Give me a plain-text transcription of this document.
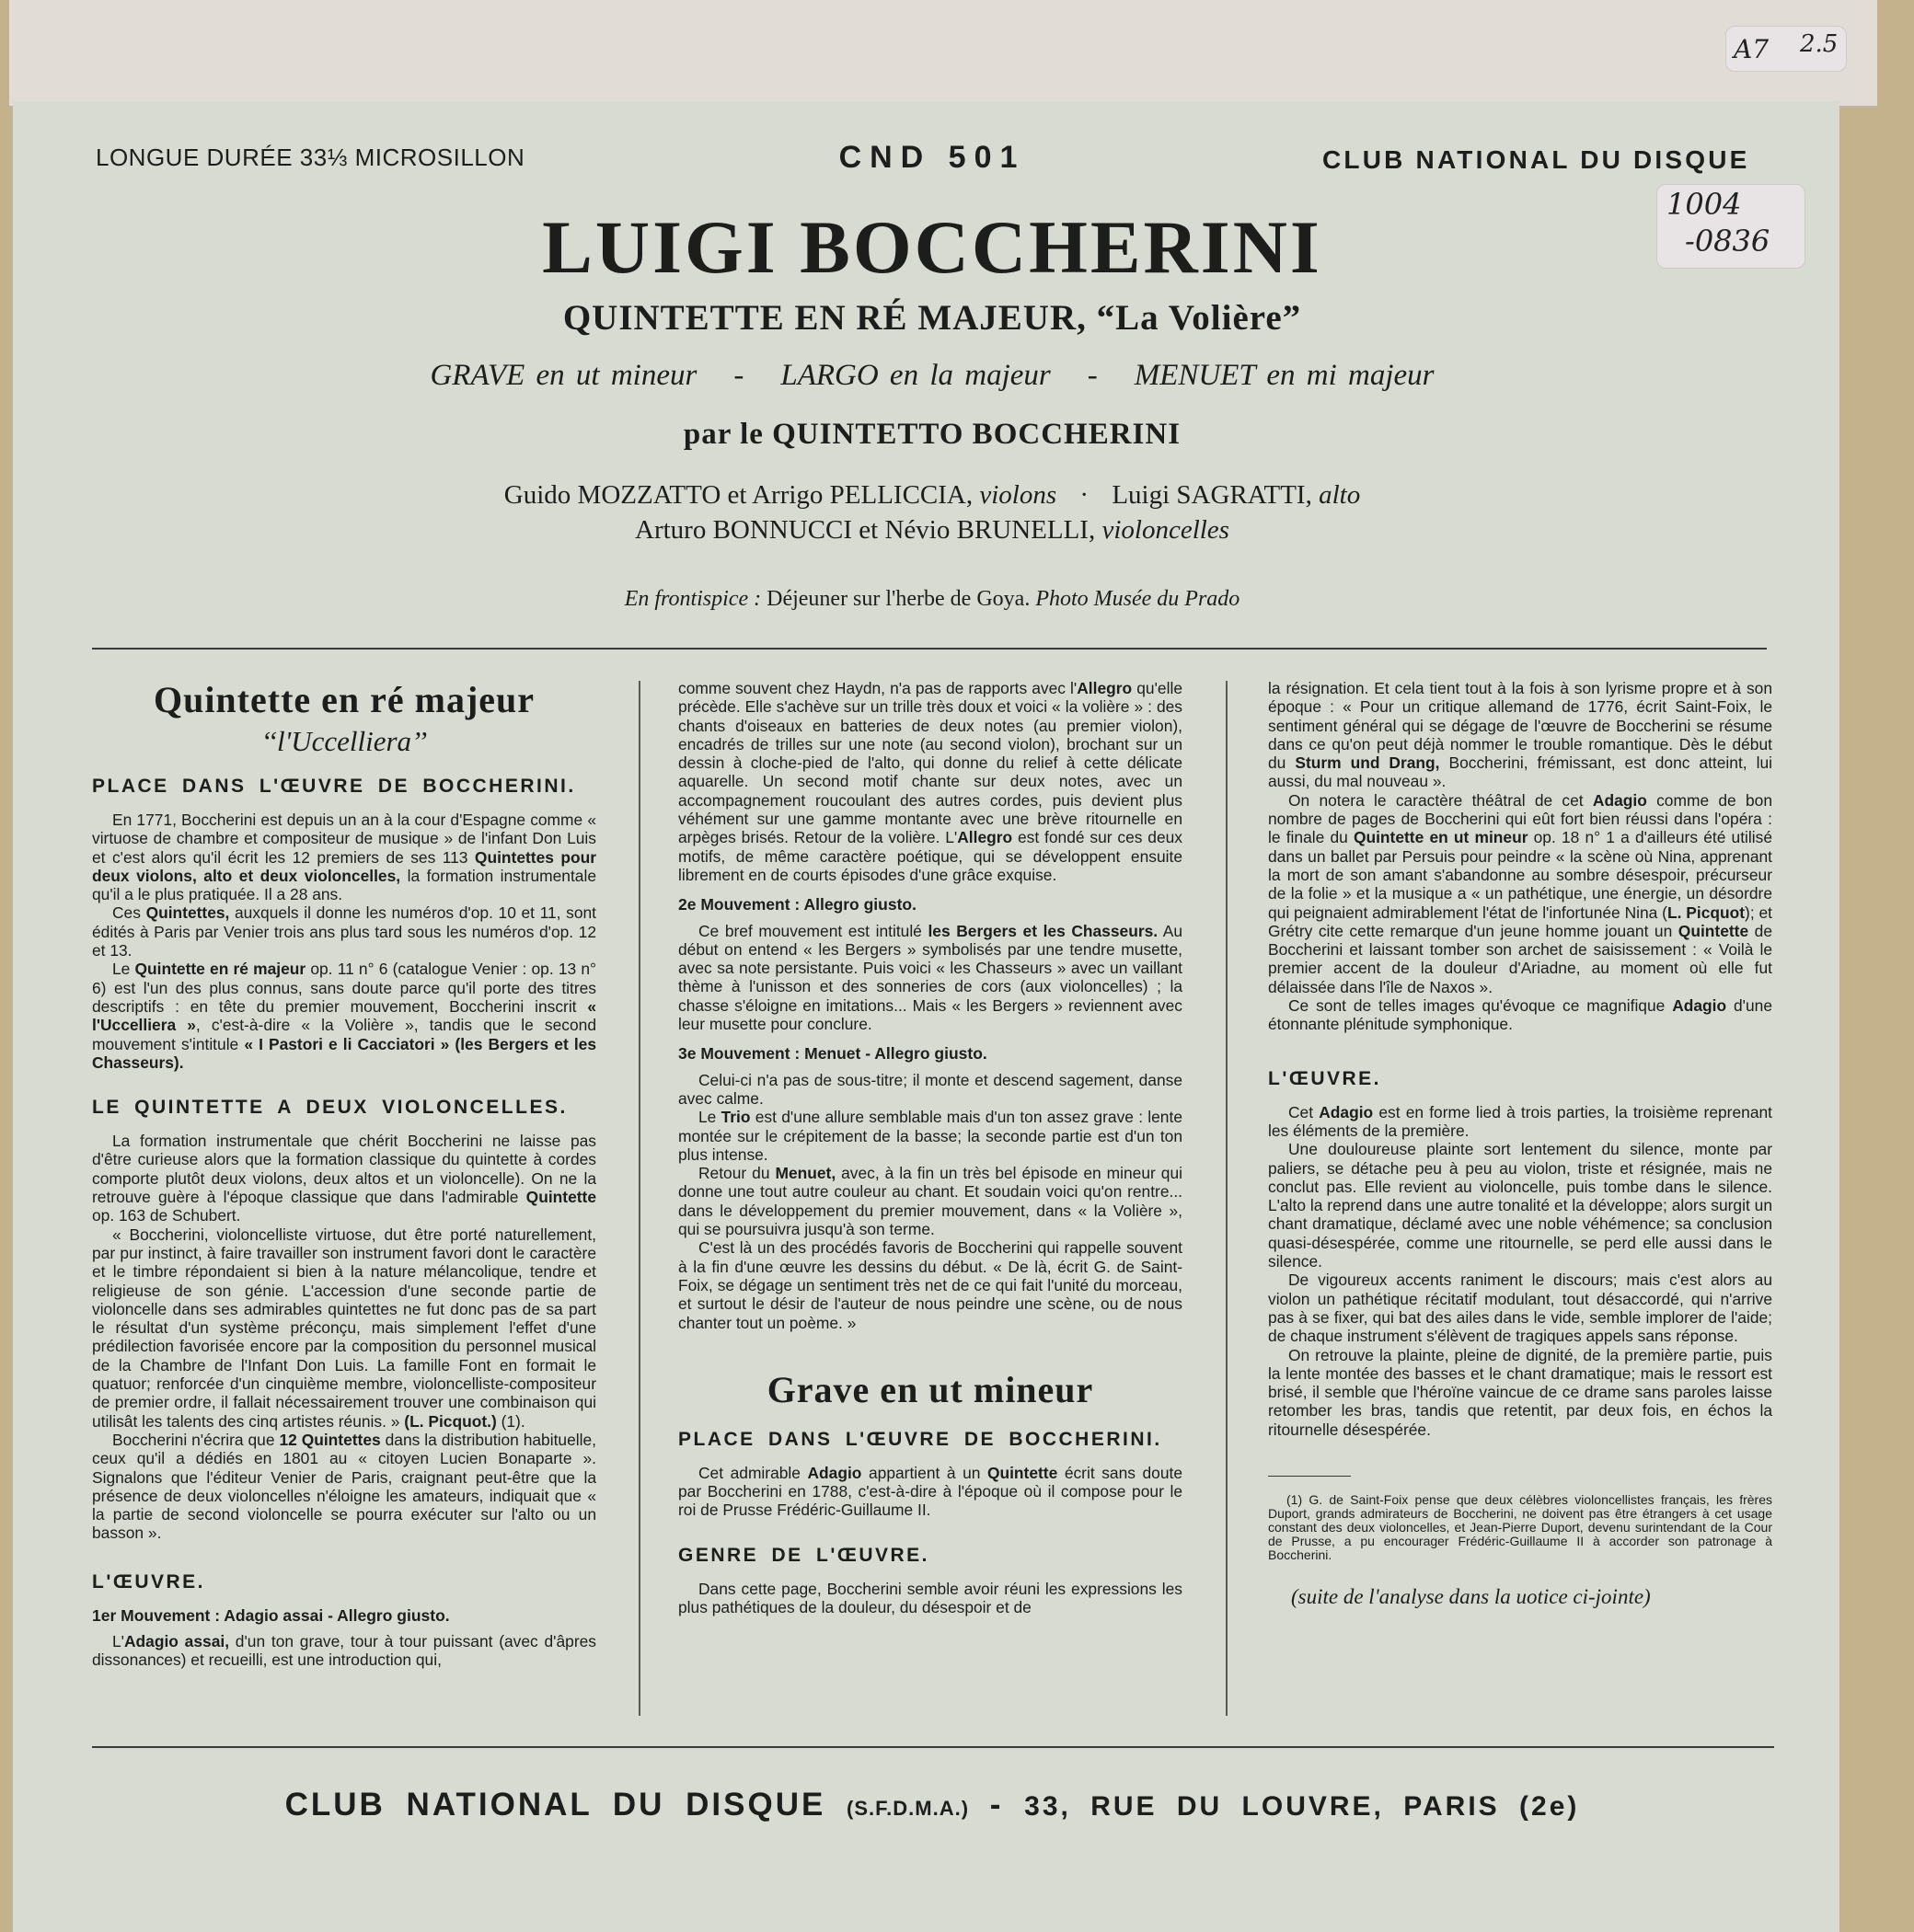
A7 2.5
1004
-0836
LONGUE DURÉE 33⅓ MICROSILLON	CND 501	CLUB NATIONAL DU DISQUE
LUIGI BOCCHERINI
QUINTETTE EN RÉ MAJEUR, “La Volière”
GRAVE en ut mineur - LARGO en la majeur - MENUET en mi majeur
par le QUINTETTO BOCCHERINI
Guido MOZZATTO et Arrigo PELLICCIA, violons · Luigi SAGRATTI, alto
Arturo BONNUCCI et Névio BRUNELLI, violoncelles
En frontispice : Déjeuner sur l'herbe de Goya. Photo Musée du Prado
Quintette en ré majeur
‘‘l'Uccelliera’’
PLACE DANS L'ŒUVRE DE BOCCHERINI.

En 1771, Boccherini est depuis un an à la cour d'Espagne comme « virtuose de chambre et compositeur de musique » de l'infant Don Luis et c'est alors qu'il écrit les 12 premiers de ses 113 Quintettes pour deux violons, alto et deux violoncelles, la formation instrumentale qu'il a le plus pratiquée. Il a 28 ans.

Ces Quintettes, auxquels il donne les numéros d'op. 10 et 11, sont édités à Paris par Venier trois ans plus tard sous les numéros d'op. 12 et 13.

Le Quintette en ré majeur op. 11 n° 6 (catalogue Venier : op. 13 n° 6) est l'un des plus connus, sans doute parce qu'il porte des titres descriptifs : en tête du premier mouvement, Boccherini inscrit « l'Uccelliera », c'est-à-dire « la Volière », tandis que le second mouvement s'intitule « I Pastori e li Cacciatori » (les Bergers et les Chasseurs).

LE QUINTETTE A DEUX VIOLONCELLES.

La formation instrumentale que chérit Boccherini ne laisse pas d'être curieuse alors que la formation classique du quintette à cordes comporte plutôt deux violons, deux altos et un violoncelle). On ne la retrouve guère à l'époque classique que dans l'admirable Quintette op. 163 de Schubert.

« Boccherini, violoncelliste virtuose, dut être porté naturellement, par pur instinct, à faire travailler son instrument favori dont le caractère et le timbre répondaient si bien à la nature mélancolique, tendre et religieuse de son génie. L'accession d'une seconde partie de violoncelle dans ses admirables quintettes ne fut donc pas de sa part le résultat d'un système préconçu, mais simplement l'effet d'une prédilection favorisée encore par la composition du personnel musical de la Chambre de l'Infant Don Luis. La famille Font en formait le quatuor; renforcée d'un cinquième membre, violoncelliste-compositeur de premier ordre, il fallait nécessairement trouver une combinaison qui utilisât les talents des cinq artistes réunis. » (L. Picquot.) (1).

Boccherini n'écrira que 12 Quintettes dans la distribution habituelle, ceux qu'il a dédiés en 1801 au « citoyen Lucien Bonaparte ». Signalons que l'éditeur Venier de Paris, craignant peut-être que la présence de deux violoncelles n'éloigne les amateurs, indiquait que « la partie de second violoncelle se pourra exécuter sur l'alto ou un basson ».

L'ŒUVRE.
1er Mouvement : Adagio assai - Allegro giusto.

L'Adagio assai, d'un ton grave, tour à tour puissant (avec d'âpres dissonances) et recueilli, est une introduction qui,

comme souvent chez Haydn, n'a pas de rapports avec l'Allegro qu'elle précède. Elle s'achève sur un trille très doux et voici « la volière » : des chants d'oiseaux en batteries de deux notes (au premier violon), encadrés de trilles sur une note (au second violon), brochant sur un dessin à cloche-pied de l'alto, qui donne du relief à cette délicate aquarelle. Un second motif chante sur deux notes, avec un accompagnement roucoulant des autres cordes, puis devient plus véhément sur une gamme montante avec une brève ritournelle en arpèges brisés. Retour de la volière. L'Allegro est fondé sur ces deux motifs, de même caractère poétique, qui se développent ensuite librement en de courts épisodes d'une grâce exquise.

2e Mouvement : Allegro giusto.

Ce bref mouvement est intitulé les Bergers et les Chasseurs. Au début on entend « les Bergers » symbolisés par une tendre musette, avec sa note persistante. Puis voici « les Chasseurs » avec un vaillant thème à l'unisson et des sonneries de cors (aux violoncelles) ; la chasse s'éloigne en imitations... Mais « les Bergers » reviennent avec leur musette pour conclure.

3e Mouvement : Menuet - Allegro giusto.

Celui-ci n'a pas de sous-titre; il monte et descend sagement, danse avec calme.

Le Trio est d'une allure semblable mais d'un ton assez grave : lente montée sur le crépitement de la basse; la seconde partie est d'un ton plus intense.

Retour du Menuet, avec, à la fin un très bel épisode en mineur qui donne une tout autre couleur au chant. Et soudain voici qu'on rentre... dans le développement du premier mouvement, dans « la Volière », qui se poursuivra jusqu'à son terme.

C'est là un des procédés favoris de Boccherini qui rappelle souvent à la fin d'une œuvre les dessins du début. « De là, écrit G. de Saint-Foix, se dégage un sentiment très net de ce qui fait l'unité du morceau, et surtout le désir de l'auteur de nous peindre une scène, ou de nous chanter tout un poème. »

Grave en ut mineur
PLACE DANS L'ŒUVRE DE BOCCHERINI.

Cet admirable Adagio appartient à un Quintette écrit sans doute par Boccherini en 1788, c'est-à-dire à l'époque où il compose pour le roi de Prusse Frédéric-Guillaume II.

GENRE DE L'ŒUVRE.

Dans cette page, Boccherini semble avoir réuni les expressions les plus pathétiques de la douleur, du désespoir et de

la résignation. Et cela tient tout à la fois à son lyrisme propre et à son époque : « Pour un critique allemand de 1776, écrit Saint-Foix, le sentiment général qui se dégage de l'œuvre de Boccherini se résume dans ce qu'on peut déjà nommer le trouble romantique. Dès le début du Sturm und Drang, Boccherini, frémissant, est donc atteint, lui aussi, du mal nouveau ».

On notera le caractère théâtral de cet Adagio comme de bon nombre de pages de Boccherini qui eût fort bien réussi dans l'opéra : le finale du Quintette en ut mineur op. 18 n° 1 a d'ailleurs été utilisé dans un ballet par Persuis pour peindre « la scène où Nina, apprenant la mort de son amant s'abandonne au sombre désespoir, précurseur de la folie » et la musique a « un pathétique, une énergie, un désordre qui peignaient admirablement l'état de l'infortunée Nina (L. Picquot); et Grétry cite cette remarque d'un jeune homme jouant un Quintette de Boccherini et laissant tomber son archet de saisissement : « Voilà le premier accent de la douleur d'Ariadne, au moment où elle fut délaissée dans l'île de Naxos ».

Ce sont de telles images qu'évoque ce magnifique Adagio d'une étonnante plénitude symphonique.

L'ŒUVRE.

Cet Adagio est en forme lied à trois parties, la troisième reprenant les éléments de la première.

Une douloureuse plainte sort lentement du silence, monte par paliers, se détache peu à peu au violon, triste et résignée, mais ne conclut pas. Elle revient au violoncelle, puis tombe dans le silence. L'alto la reprend dans une autre tonalité et la développe; alors surgit un chant dramatique, déclamé avec une noble véhémence; sa conclusion quasi-désespérée, comme une ritournelle, se perd elle aussi dans le silence.

De vigoureux accents raniment le discours; mais c'est alors au violon un pathétique récitatif modulant, tout désaccordé, qui n'arrive pas à se fixer, qui bat des ailes dans le vide, semble implorer de l'aide; de chaque instrument s'élèvent de tragiques appels sans réponse.

On retrouve la plainte, pleine de dignité, de la première partie, puis la lente montée des basses et le chant dramatique; mais le ressort est brisé, il semble que l'héroïne vaincue de ce drame sans paroles laisse retomber les bras, tandis que retentit, par deux fois, en échos la ritournelle désespérée.

(1) G. de Saint-Foix pense que deux célèbres violoncellistes français, les frères Duport, grands admirateurs de Boccherini, ne doivent pas être étrangers à cet usage constant des deux violoncelles, et Jean-Pierre Duport, devenu surintendant de la Cour de Prusse, a pu encourager Frédéric-Guillaume II à accorder son patronage à Boccherini.

(suite de l'analyse dans la uotice ci-jointe)
CLUB NATIONAL DU DISQUE (S.F.D.M.A.) - 33, RUE DU LOUVRE, PARIS (2e)
